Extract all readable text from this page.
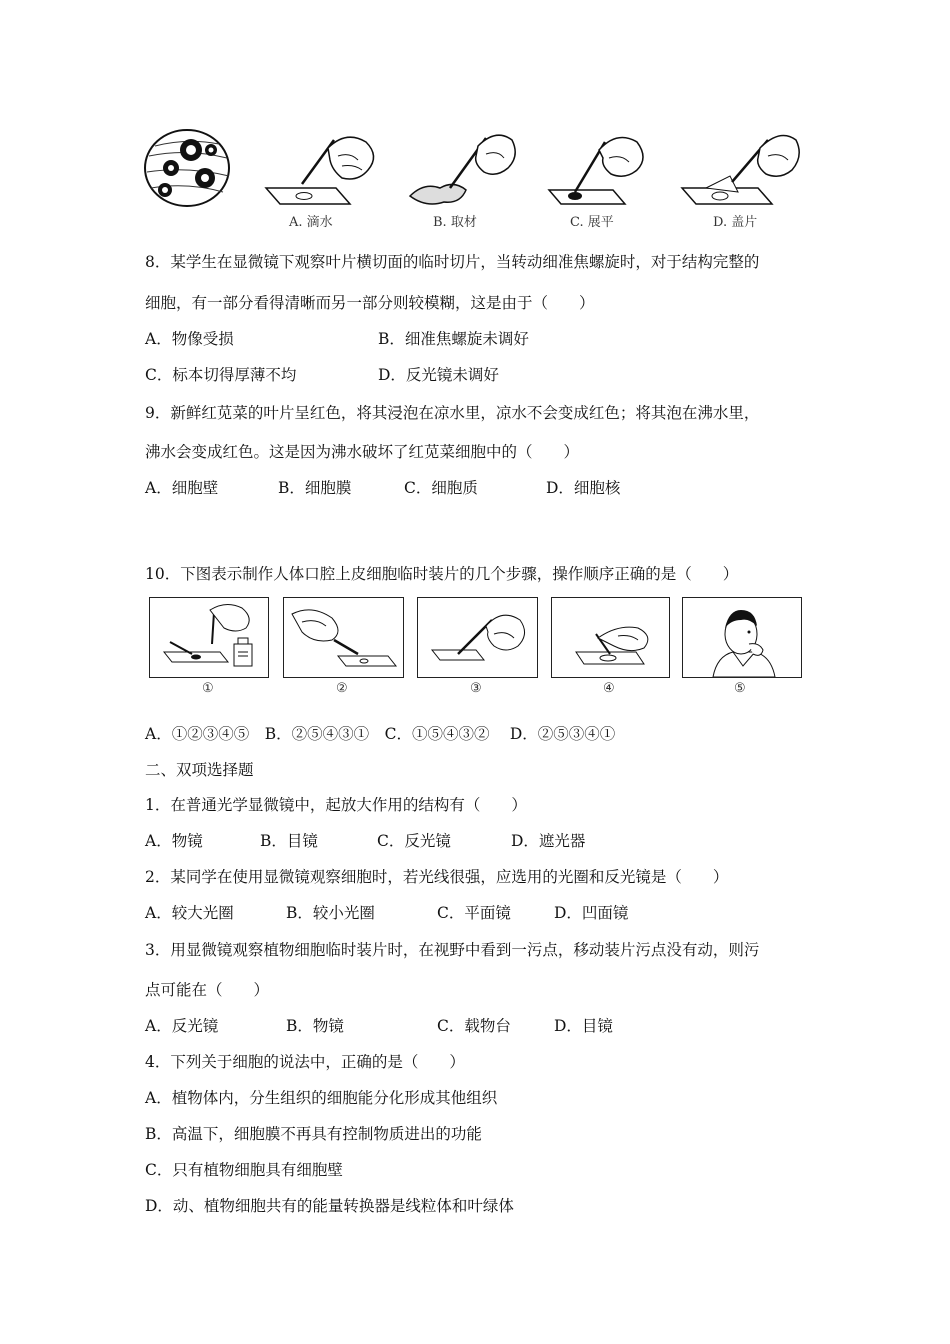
A. 滴水	B. 取材	C. 展平	D. 盖片
8．某学生在显微镜下观察叶片横切面的临时切片，当转动细准焦螺旋时，对于结构完整的
细胞，有一部分看得清晰而另一部分则较模糊，这是由于（　　）
A．物像受损	B．细准焦螺旋未调好
C．标本切得厚薄不均	D．反光镜未调好
9．新鲜红苋菜的叶片呈红色，将其浸泡在凉水里，凉水不会变成红色；将其泡在沸水里，
沸水会变成红色。这是因为沸水破坏了红苋菜细胞中的（　　）
A．细胞壁	B．细胞膜	C．细胞质	D．细胞核
10．下图表示制作人体口腔上皮细胞临时装片的几个步骤，操作顺序正确的是（　　）
①	②	③	④	⑤
A．①②③④⑤　B．②⑤④③①　C．①⑤④③②　 D．②⑤③④①
二、双项选择题
1．在普通光学显微镜中，起放大作用的结构有（　　）
A．物镜	B．目镜	C．反光镜	D．遮光器
2．某同学在使用显微镜观察细胞时，若光线很强，应选用的光圈和反光镜是（　　）
A．较大光圈	B．较小光圈	C．平面镜	D．凹面镜
3．用显微镜观察植物细胞临时装片时，在视野中看到一污点，移动装片污点没有动，则污
点可能在（　　）
A．反光镜	B．物镜	C．载物台	D．目镜
4．下列关于细胞的说法中，正确的是（　　）
A．植物体内，分生组织的细胞能分化形成其他组织
B．高温下，细胞膜不再具有控制物质进出的功能
C．只有植物细胞具有细胞壁
D．动、植物细胞共有的能量转换器是线粒体和叶绿体
